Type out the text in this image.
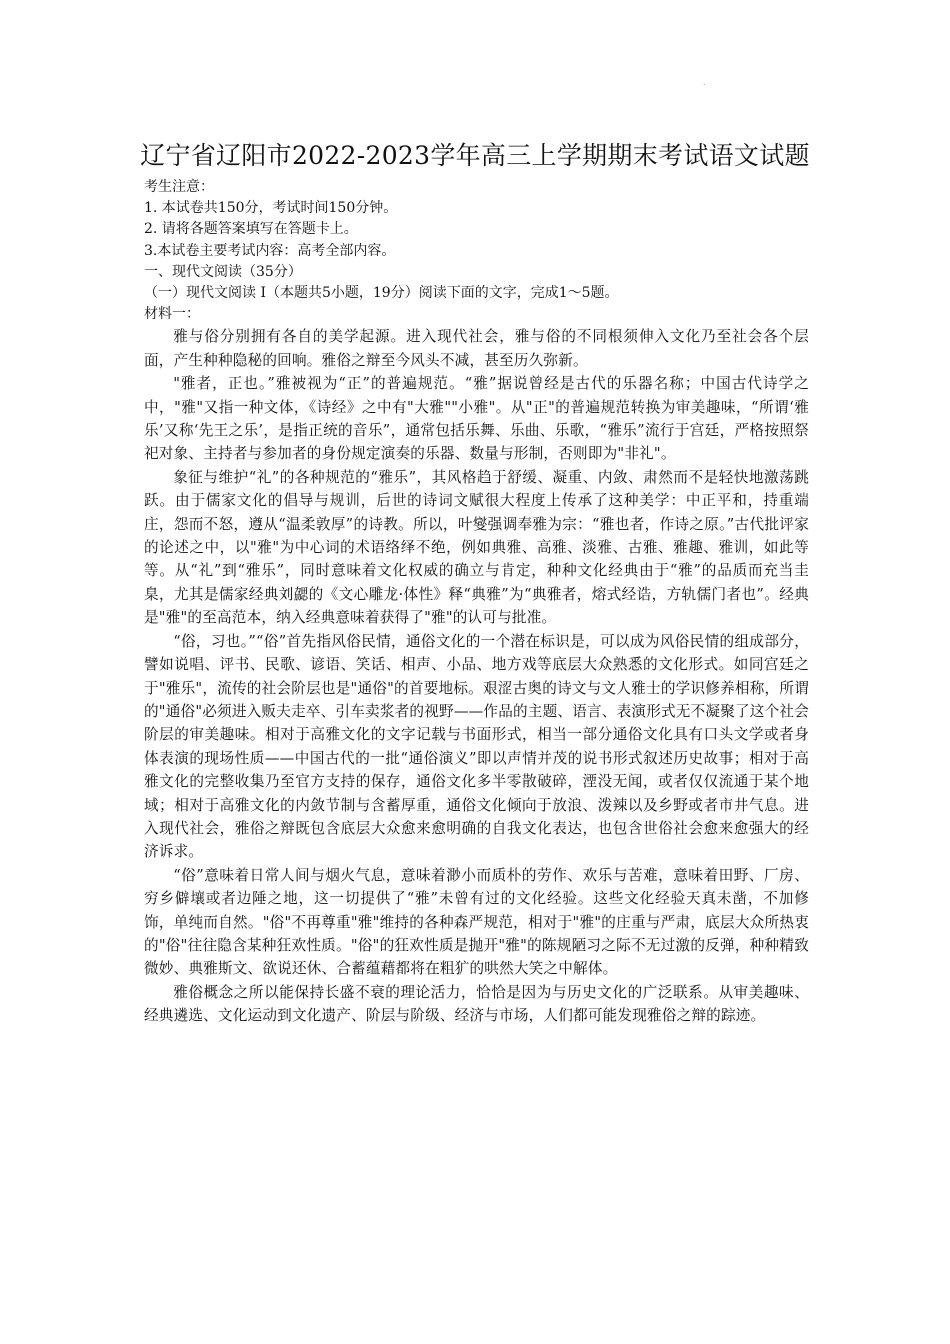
.
辽宁省辽阳市2022-2023学年高三上学期期末考试语文试题
考生注意：
1. 本试卷共150分，考试时间150分钟。
2. 请将各题答案填写在答题卡上。
3.本试卷主要考试内容：高考全部内容。
一、现代文阅读（35分）
（一）现代文阅读 I（本题共5小题，19分）阅读下面的文字，完成1～5题。
材料一：

雅与俗分别拥有各自的美学起源。进入现代社会，雅与俗的不同根须伸入文化乃至社会各个层面，产生种种隐秘的回响。雅俗之辩至今风头不减，甚至历久弥新。

"雅者，正也。”雅被视为“正”的普遍规范。“雅”据说曾经是古代的乐器名称；中国古代诗学之中，"雅"又指一种文体，《诗经》之中有"大雅""小雅"。从"正"的普遍规范转换为审美趣味，“所谓‘雅乐’又称‘先王之乐’，是指正统的音乐”，通常包括乐舞、乐曲、乐歌，“雅乐”流行于宫廷，严格按照祭祀对象、主持者与参加者的身份规定演奏的乐器、数量与形制，否则即为"非礼"。

象征与维护“礼”的各种规范的“雅乐”，其风格趋于舒缓、凝重、内敛、肃然而不是轻快地激荡跳跃。由于儒家文化的倡导与规训，后世的诗词文赋很大程度上传承了这种美学：中正平和，持重端庄，怨而不怒，遵从“温柔敦厚”的诗教。所以，叶燮强调奉雅为宗：“雅也者，作诗之原。”古代批评家的论述之中，以"雅"为中心词的术语络绎不绝，例如典雅、高雅、淡雅、古雅、雅趣、雅训，如此等等。从“礼”到“雅乐”，同时意味着文化权威的确立与肯定，种种文化经典由于“雅”的品质而充当圭臬，尤其是儒家经典刘勰的《文心雕龙·体性》释“典雅”为“典雅者，熔式经诰，方轨儒门者也”。经典是"雅"的至高范本，纳入经典意味着获得了"雅"的认可与批准。

“俗，习也。”“俗”首先指风俗民情，通俗文化的一个潜在标识是，可以成为风俗民情的组成部分，譬如说唱、评书、民歌、谚语、笑话、相声、小品、地方戏等底层大众熟悉的文化形式。如同宫廷之于"雅乐"，流传的社会阶层也是"通俗"的首要地标。艰涩古奥的诗文与文人雅士的学识修养相称，所谓的"通俗"必须进入贩夫走卒、引车卖浆者的视野——作品的主题、语言、表演形式无不凝聚了这个社会阶层的审美趣味。相对于高雅文化的文字记载与书面形式，相当一部分通俗文化具有口头文学或者身体表演的现场性质——中国古代的一批“通俗演义”即以声情并茂的说书形式叙述历史故事；相对于高雅文化的完整收集乃至官方支持的保存，通俗文化多半零散破碎，湮没无闻，或者仅仅流通于某个地域；相对于高雅文化的内敛节制与含蓄厚重，通俗文化倾向于放浪、泼辣以及乡野或者市井气息。进入现代社会，雅俗之辩既包含底层大众愈来愈明确的自我文化表达，也包含世俗社会愈来愈强大的经济诉求。

“俗”意味着日常人间与烟火气息，意味着渺小而质朴的劳作、欢乐与苦难，意味着田野、厂房、穷乡僻壤或者边陲之地，这一切提供了“雅”未曾有过的文化经验。这些文化经验天真未凿，不加修饰，单纯而自然。"俗"不再尊重"雅"维持的各种森严规范，相对于"雅"的庄重与严肃，底层大众所热衷的"俗"往往隐含某种狂欢性质。"俗"的狂欢性质是抛开"雅"的陈规陋习之际不无过激的反弹，种种精致微妙、典雅斯文、欲说还休、合蓄蕴藉都将在粗犷的哄然大笑之中解体。

雅俗概念之所以能保持长盛不衰的理论活力，恰恰是因为与历史文化的广泛联系。从审美趣味、经典遴选、文化运动到文化遗产、阶层与阶级、经济与市场，人们都可能发现雅俗之辩的踪迹。
